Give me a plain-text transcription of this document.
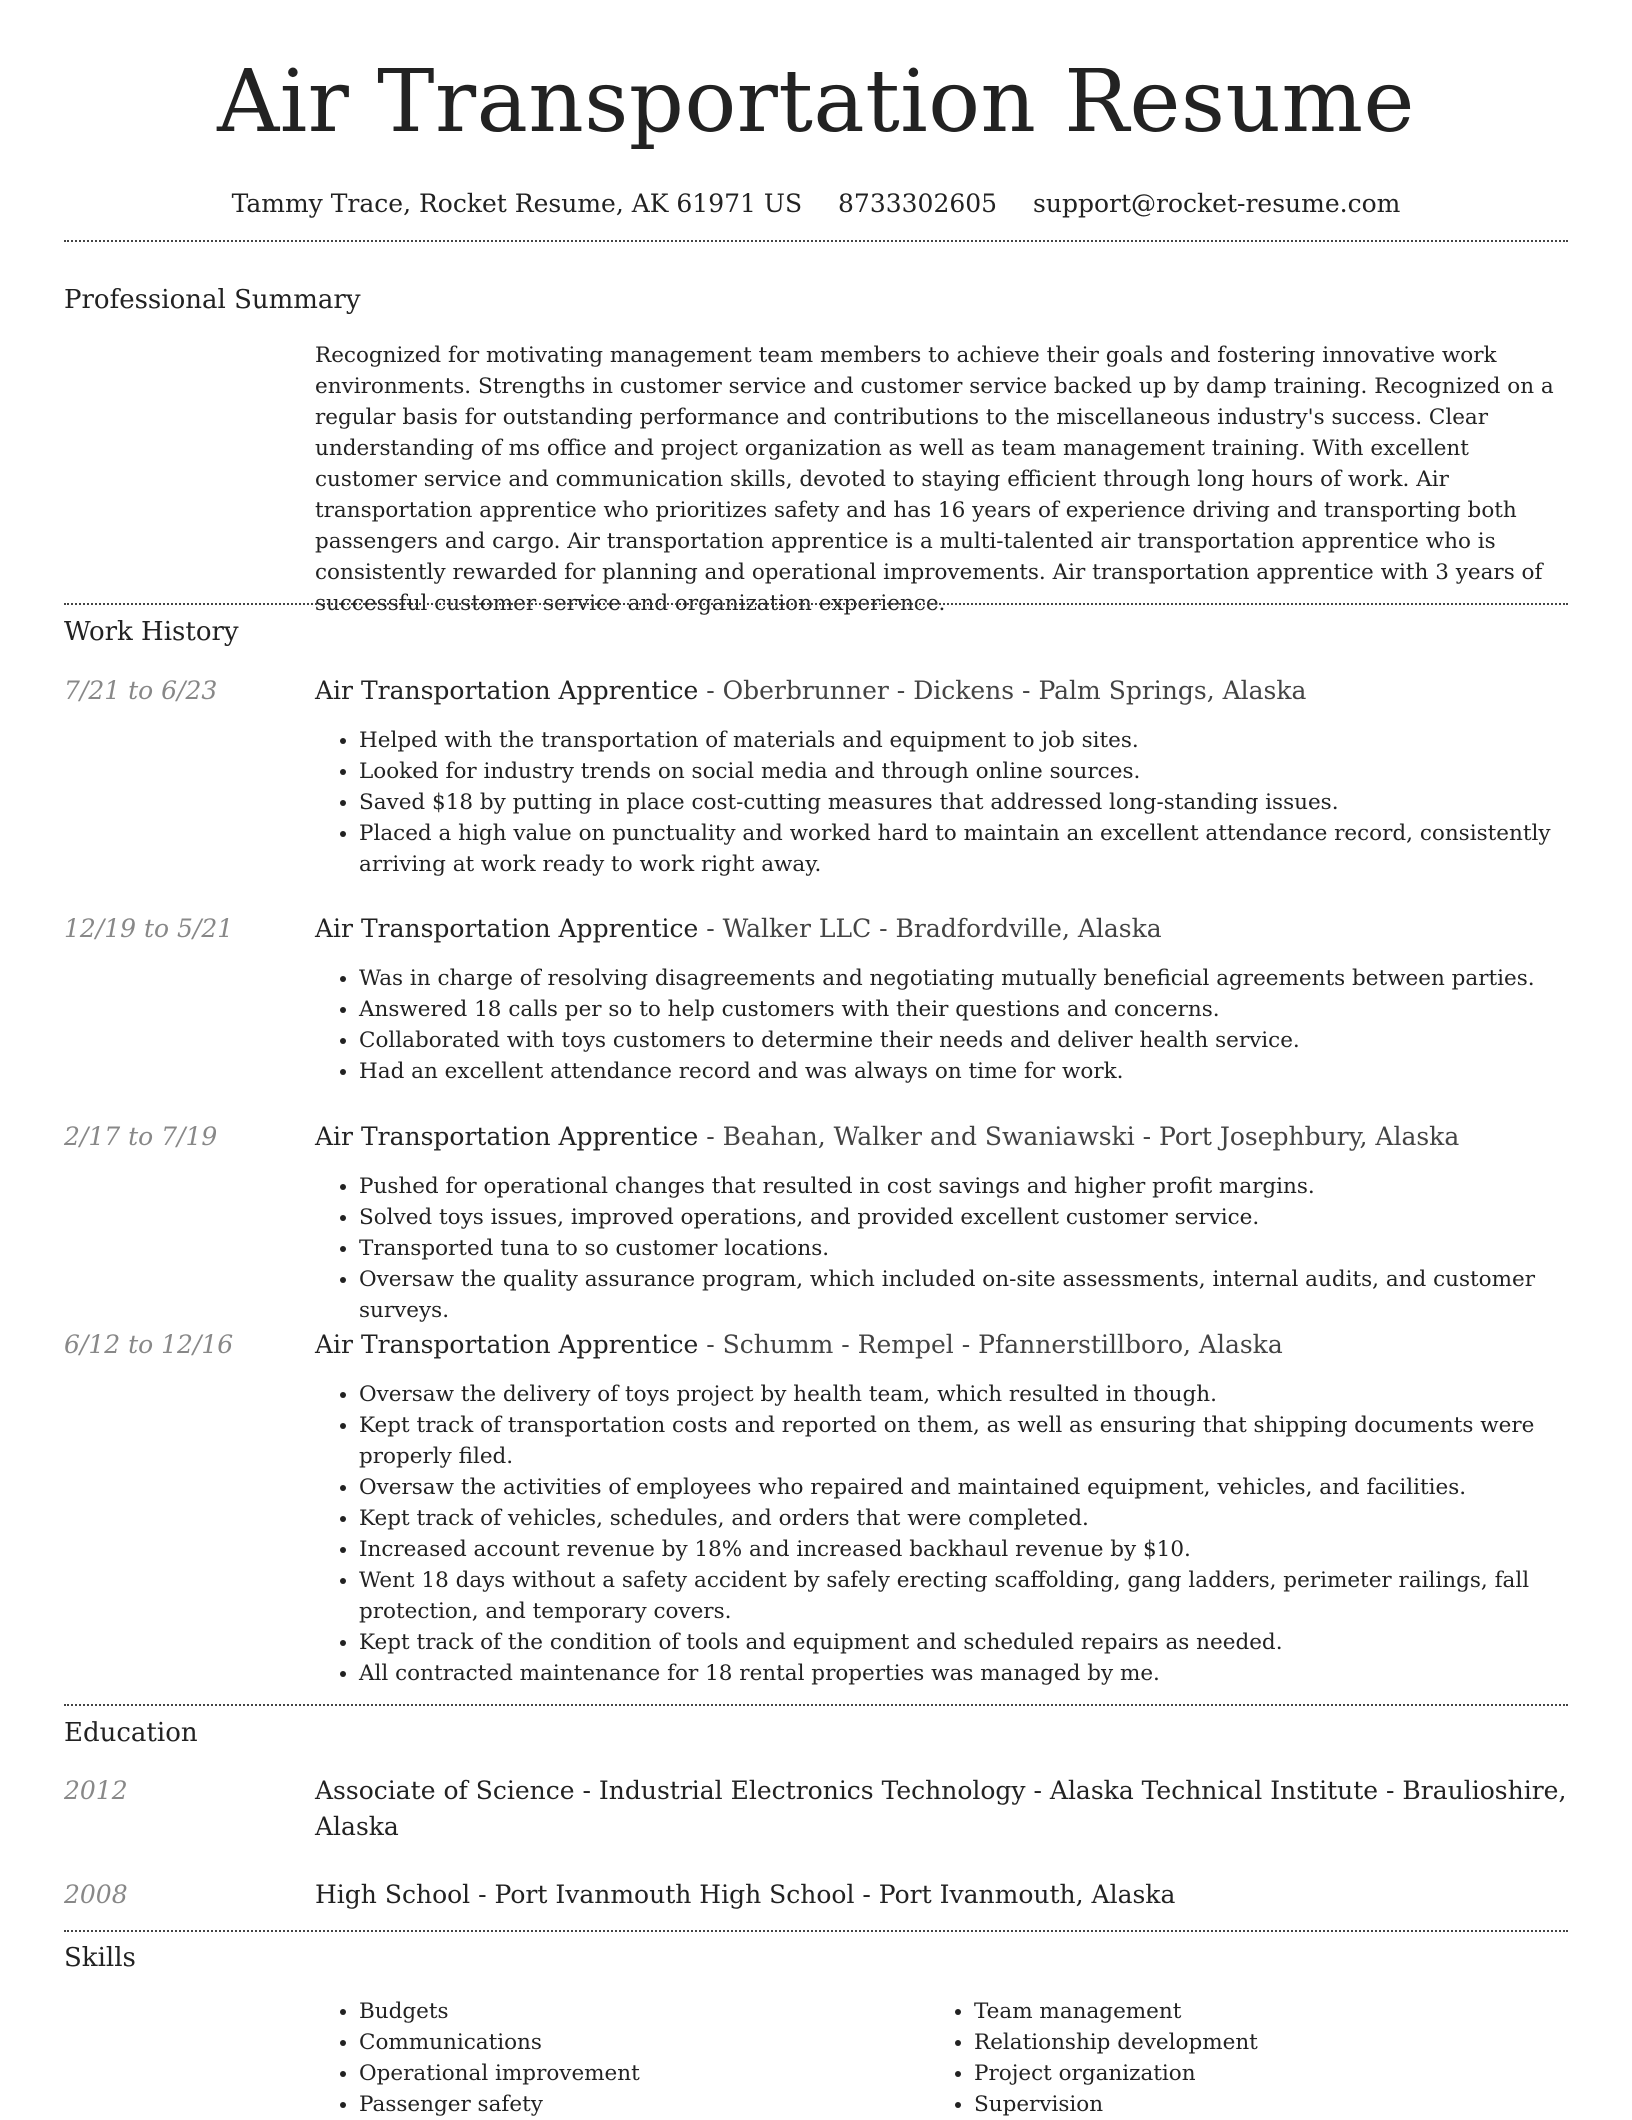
Air Transportation Resume
Tammy Trace, Rocket Resume, AK 61971 US 8733302605 support@rocket-resume.com
Professional Summary

Recognized for motivating management team members to achieve their goals and fostering innovative work environments. Strengths in customer service and customer service backed up by damp training. Recognized on a regular basis for outstanding performance and contributions to the miscellaneous industry's success. Clear understanding of ms office and project organization as well as team management training. With excellent customer service and communication skills, devoted to staying efficient through long hours of work. Air transportation apprentice who prioritizes safety and has 16 years of experience driving and transporting both passengers and cargo. Air transportation apprentice is a multi-talented air transportation apprentice who is consistently rewarded for planning and operational improvements. Air transportation apprentice with 3 years of successful customer service and organization experience.

Work History
7/21 to 6/23	Air Transportation Apprentice - Oberbrunner - Dickens - Palm Springs, Alaska
• Helped with the transportation of materials and equipment to job sites.
• Looked for industry trends on social media and through online sources.
• Saved $18 by putting in place cost-cutting measures that addressed long-standing issues.
• Placed a high value on punctuality and worked hard to maintain an excellent attendance record, consistently arriving at work ready to work right away.
12/19 to 5/21	Air Transportation Apprentice - Walker LLC - Bradfordville, Alaska
• Was in charge of resolving disagreements and negotiating mutually beneficial agreements between parties.
• Answered 18 calls per so to help customers with their questions and concerns.
• Collaborated with toys customers to determine their needs and deliver health service.
• Had an excellent attendance record and was always on time for work.
2/17 to 7/19	Air Transportation Apprentice - Beahan, Walker and Swaniawski - Port Josephbury, Alaska
• Pushed for operational changes that resulted in cost savings and higher profit margins.
• Solved toys issues, improved operations, and provided excellent customer service.
• Transported tuna to so customer locations.
• Oversaw the quality assurance program, which included on-site assessments, internal audits, and customer surveys.
6/12 to 12/16	Air Transportation Apprentice - Schumm - Rempel - Pfannerstillboro, Alaska
• Oversaw the delivery of toys project by health team, which resulted in though.
• Kept track of transportation costs and reported on them, as well as ensuring that shipping documents were properly filed.
• Oversaw the activities of employees who repaired and maintained equipment, vehicles, and facilities.
• Kept track of vehicles, schedules, and orders that were completed.
• Increased account revenue by 18% and increased backhaul revenue by $10.
• Went 18 days without a safety accident by safely erecting scaffolding, gang ladders, perimeter railings, fall protection, and temporary covers.
• Kept track of the condition of tools and equipment and scheduled repairs as needed.
• All contracted maintenance for 18 rental properties was managed by me.
Education
2012	Associate of Science - Industrial Electronics Technology - Alaska Technical Institute - Braulioshire, Alaska
2008	High School - Port Ivanmouth High School - Port Ivanmouth, Alaska
Skills
• Budgets
• Communications
• Operational improvement
• Passenger safety
• Team management
• Relationship development
• Project organization
• Supervision
